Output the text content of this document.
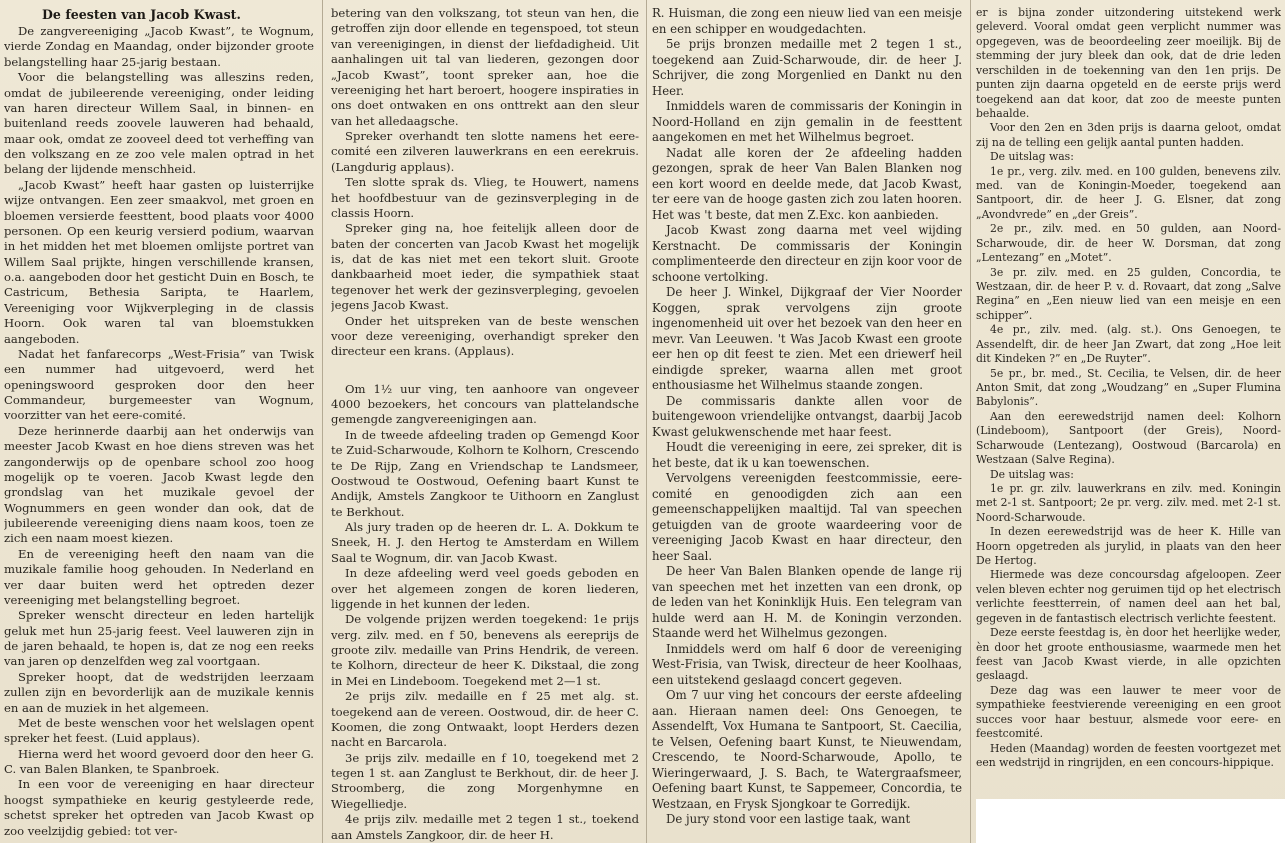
De feesten van Jacob Kwast.

De zangvereeniging „Jacob Kwast”, te Wognum, vierde Zondag en Maandag, onder bijzonder groote belangstelling haar 25-jarig bestaan.

Voor die belangstelling was alleszins reden, omdat de jubileerende vereeniging, onder leiding van haren directeur Willem Saal, in binnen- en buitenland reeds zoovele lauweren had behaald, maar ook, omdat ze zooveel deed tot verheffing van den volkszang en ze zoo vele malen optrad in het belang der lijdende menschheid.

„Jacob Kwast” heeft haar gasten op luisterrijke wijze ontvangen. Een zeer smaakvol, met groen en bloemen versierde feesttent, bood plaats voor 4000 personen. Op een keurig versierd podium, waarvan in het midden het met bloemen omlijste portret van Willem Saal prijkte, hingen verschillende kransen, o.a. aangeboden door het gesticht Duin en Bosch, te Castricum, Bethesia Saripta, te Haarlem, Vereeniging voor Wijkverpleging in de classis Hoorn. Ook waren tal van bloemstukken aangeboden.

Nadat het fanfarecorps „West-Frisia” van Twisk een nummer had uitgevoerd, werd het openingswoord gesproken door den heer Commandeur, burgemeester van Wognum, voorzitter van het eere-comité.

Deze herinnerde daarbij aan het onderwijs van meester Jacob Kwast en hoe diens streven was het zangonderwijs op de openbare school zoo hoog mogelijk op te voeren. Jacob Kwast legde den grondslag van het muzikale gevoel der Wognummers en geen wonder dan ook, dat de jubileerende vereeniging diens naam koos, toen ze zich een naam moest kiezen.

En de vereeniging heeft den naam van die muzikale familie hoog gehouden. In Nederland en ver daar buiten werd het optreden dezer vereeniging met belangstelling begroet.

Spreker wenscht directeur en leden hartelijk geluk met hun 25-jarig feest. Veel lauweren zijn in de jaren behaald, te hopen is, dat ze nog een reeks van jaren op denzelfden weg zal voortgaan.

Spreker hoopt, dat de wedstrijden leerzaam zullen zijn en bevorderlijk aan de muzikale kennis en aan de muziek in het algemeen.

Met de beste wenschen voor het welslagen opent spreker het feest. (Luid applaus).

Hierna werd het woord gevoerd door den heer G. C. van Balen Blanken, te Spanbroek.

In een voor de vereeniging en haar directeur hoogst sympathieke en keurig gestyleerde rede, schetst spreker het optreden van Jacob Kwast op zoo veelzijdig gebied: tot ver-

betering van den volkszang, tot steun van hen, die getroffen zijn door ellende en tegenspoed, tot steun van vereenigingen, in dienst der liefdadigheid. Uit aanhalingen uit tal van liederen, gezongen door „Jacob Kwast”, toont spreker aan, hoe die vereeniging het hart beroert, hoogere inspiraties in ons doet ontwaken en ons onttrekt aan den sleur van het alledaagsche.

Spreker overhandt ten slotte namens het eere-comité een zilveren lauwerkrans en een eerekruis. (Langdurig applaus).

Ten slotte sprak ds. Vlieg, te Houwert, namens het hoofdbestuur van de gezinsverpleging in de classis Hoorn.

Spreker ging na, hoe feitelijk alleen door de baten der concerten van Jacob Kwast het mogelijk is, dat de kas niet met een tekort sluit. Groote dankbaarheid moet ieder, die sympathiek staat tegenover het werk der gezinsverpleging, gevoelen jegens Jacob Kwast.

Onder het uitspreken van de beste wenschen voor deze vereeniging, overhandigt spreker den directeur een krans. (Applaus).

Om 1½ uur ving, ten aanhoore van ongeveer 4000 bezoekers, het concours van plattelandsche gemengde zangvereenigingen aan.

In de tweede afdeeling traden op Gemengd Koor te Zuid-Scharwoude, Kolhorn te Kolhorn, Crescendo te De Rijp, Zang en Vriendschap te Landsmeer, Oostwoud te Oostwoud, Oefening baart Kunst te Andijk, Amstels Zangkoor te Uithoorn en Zanglust te Berkhout.

Als jury traden op de heeren dr. L. A. Dokkum te Sneek, H. J. den Hertog te Amsterdam en Willem Saal te Wognum, dir. van Jacob Kwast.

In deze afdeeling werd veel goeds geboden en over het algemeen zongen de koren liederen, liggende in het kunnen der leden.

De volgende prijzen werden toegekend: 1e prijs verg. zilv. med. en f 50, benevens als eereprijs de groote zilv. medaille van Prins Hendrik, de vereen. te Kolhorn, directeur de heer K. Dikstaal, die zong in Mei en Lindeboom. Toegekend met 2—1 st.

2e prijs zilv. medaille en f 25 met alg. st. toegekend aan de vereen. Oostwoud, dir. de heer C. Koomen, die zong Ontwaakt, loopt Herders dezen nacht en Barcarola.

3e prijs zilv. medaille en f 10, toegekend met 2 tegen 1 st. aan Zanglust te Berkhout, dir. de heer J. Stroomberg, die zong Morgenhymne en Wiegelliedje.

4e prijs zilv. medaille met 2 tegen 1 st., toekend aan Amstels Zangkoor, dir. de heer H.

R. Huisman, die zong een nieuw lied van een meisje en een schipper en woudgedachten.

5e prijs bronzen medaille met 2 tegen 1 st., toegekend aan Zuid-Scharwoude, dir. de heer J. Schrijver, die zong Morgenlied en Dankt nu den Heer.

Inmiddels waren de commissaris der Koningin in Noord-Holland en zijn gemalin in de feesttent aangekomen en met het Wilhelmus begroet.

Nadat alle koren der 2e afdeeling hadden gezongen, sprak de heer Van Balen Blanken nog een kort woord en deelde mede, dat Jacob Kwast, ter eere van de hooge gasten zich zou laten hooren. Het was 't beste, dat men Z.Exc. kon aanbieden.

Jacob Kwast zong daarna met veel wijding Kerstnacht. De commissaris der Koningin complimenteerde den directeur en zijn koor voor de schoone vertolking.

De heer J. Winkel, Dijkgraaf der Vier Noorder Koggen, sprak vervolgens zijn groote ingenomenheid uit over het bezoek van den heer en mevr. Van Leeuwen. 't Was Jacob Kwast een groote eer hen op dit feest te zien. Met een driewerf heil eindigde spreker, waarna allen met groot enthousiasme het Wilhelmus staande zongen.

De commissaris dankte allen voor de buitengewoon vriendelijke ontvangst, daarbij Jacob Kwast gelukwenschende met haar feest.

Houdt die vereeniging in eere, zei spreker, dit is het beste, dat ik u kan toewenschen.

Vervolgens vereenigden feestcommissie, eere-comité en genoodigden zich aan een gemeenschappelijken maaltijd. Tal van speechen getuigden van de groote waardeering voor de vereeniging Jacob Kwast en haar directeur, den heer Saal.

De heer Van Balen Blanken opende de lange rij van speechen met het inzetten van een dronk, op de leden van het Koninklijk Huis. Een telegram van hulde werd aan H. M. de Koningin verzonden. Staande werd het Wilhelmus gezongen.

Inmiddels werd om half 6 door de vereeniging West-Frisia, van Twisk, directeur de heer Koolhaas, een uitstekend geslaagd concert gegeven.

Om 7 uur ving het concours der eerste afdeeling aan. Hieraan namen deel: Ons Genoegen, te Assendelft, Vox Humana te Santpoort, St. Caecilia, te Velsen, Oefening baart Kunst, te Nieuwendam, Crescendo, te Noord-Scharwoude, Apollo, te Wieringerwaard, J. S. Bach, te Watergraafsmeer, Oefening baart Kunst, te Sappemeer, Concordia, te Westzaan, en Frysk Sjongkoar te Gorredijk.

De jury stond voor een lastige taak, want

er is bijna zonder uitzondering uitstekend werk geleverd. Vooral omdat geen verplicht nummer was opgegeven, was de beoordeeling zeer moeilijk. Bij de stemming der jury bleek dan ook, dat de drie leden verschilden in de toekenning van den 1en prijs. De punten zijn daarna opgeteld en de eerste prijs werd toegekend aan dat koor, dat zoo de meeste punten behaalde.

Voor den 2en en 3den prijs is daarna geloot, omdat zij na de telling een gelijk aantal punten hadden.

De uitslag was:

1e pr., verg. zilv. med. en 100 gulden, benevens zilv. med. van de Koningin-Moeder, toegekend aan Santpoort, dir. de heer J. G. Elsner, dat zong „Avondvrede” en „der Greis”.

2e pr., zilv. med. en 50 gulden, aan Noord-Scharwoude, dir. de heer W. Dorsman, dat zong „Lentezang” en „Motet”.

3e pr. zilv. med. en 25 gulden, Concordia, te Westzaan, dir. de heer P. v. d. Rovaart, dat zong „Salve Regina” en „Een nieuw lied van een meisje en een schipper”.

4e pr., zilv. med. (alg. st.). Ons Genoegen, te Assendelft, dir. de heer Jan Zwart, dat zong „Hoe leit dit Kindeken ?” en „De Ruyter”.

5e pr., br. med., St. Cecilia, te Velsen, dir. de heer Anton Smit, dat zong „Woudzang” en „Super Flumina Babylonis”.

Aan den eerewedstrijd namen deel: Kolhorn (Lindeboom), Santpoort (der Greis), Noord-Scharwoude (Lentezang), Oostwoud (Barcarola) en Westzaan (Salve Regina).

De uitslag was:

1e pr. gr. zilv. lauwerkrans en zilv. med. Koningin met 2-1 st. Santpoort; 2e pr. verg. zilv. med. met 2-1 st. Noord-Scharwoude.

In dezen eerewedstrijd was de heer K. Hille van Hoorn opgetreden als jurylid, in plaats van den heer De Hertog.

Hiermede was deze concoursdag afgeloopen. Zeer velen bleven echter nog geruimen tijd op het electrisch verlichte feestterrein, of namen deel aan het bal, gegeven in de fantastisch electrisch verlichte feestent.

Deze eerste feestdag is, èn door het heerlijke weder, èn door het groote enthousiasme, waarmede men het feest van Jacob Kwast vierde, in alle opzichten geslaagd.

Deze dag was een lauwer te meer voor de sympathieke feestvierende vereeniging en een groot succes voor haar bestuur, alsmede voor eere- en feestcomité.

Heden (Maandag) worden de feesten voortgezet met een wedstrijd in ringrijden, en een concours-hippique.
